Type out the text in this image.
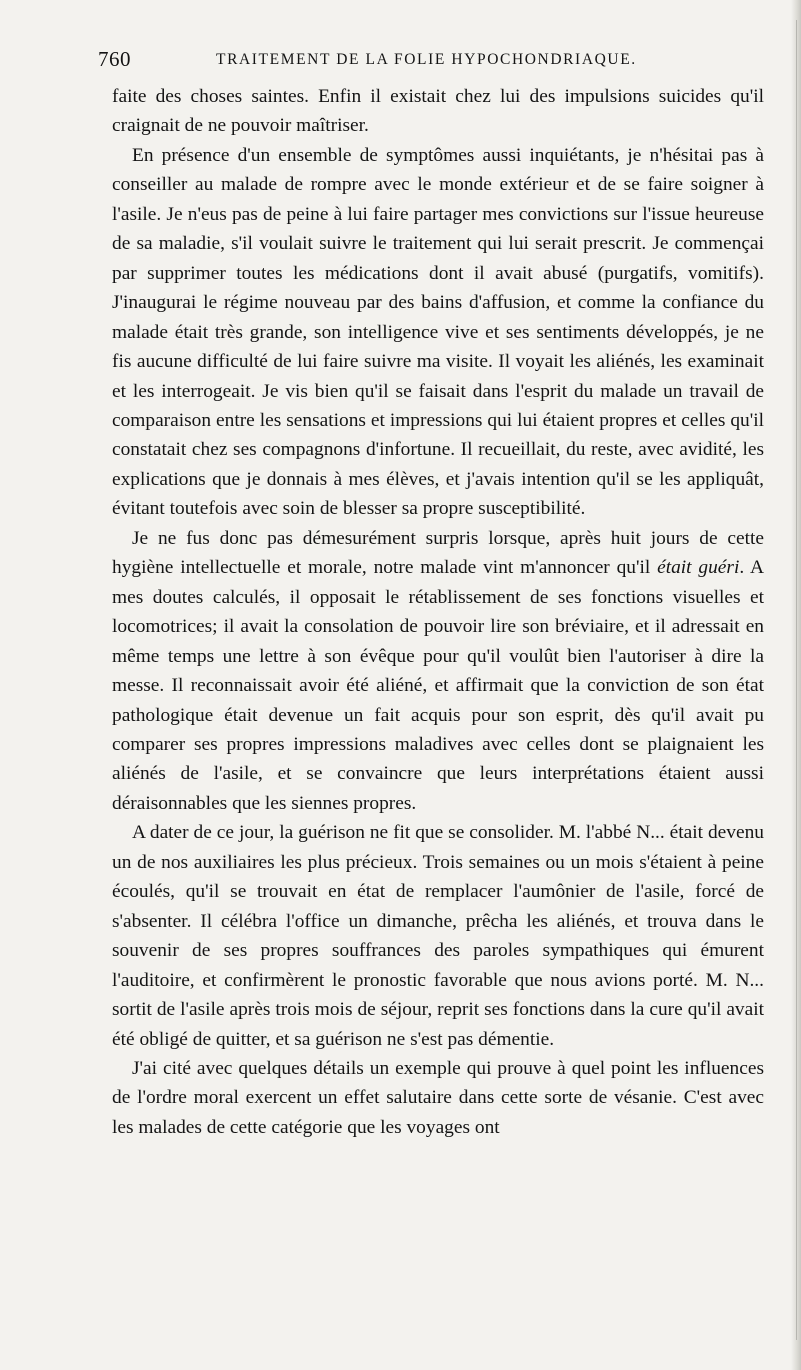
760	TRAITEMENT DE LA FOLIE HYPOCHONDRIAQUE.

faite des choses saintes. Enfin il existait chez lui des impulsions suicides qu'il craignait de ne pouvoir maîtriser.

En présence d'un ensemble de symptômes aussi inquiétants, je n'hésitai pas à conseiller au malade de rompre avec le monde extérieur et de se faire soigner à l'asile. Je n'eus pas de peine à lui faire partager mes convictions sur l'issue heureuse de sa maladie, s'il voulait suivre le traitement qui lui serait prescrit. Je commençai par supprimer toutes les médications dont il avait abusé (purgatifs, vomitifs). J'inaugurai le régime nouveau par des bains d'affusion, et comme la confiance du malade était très grande, son intelligence vive et ses sentiments développés, je ne fis aucune difficulté de lui faire suivre ma visite. Il voyait les aliénés, les examinait et les interrogeait. Je vis bien qu'il se faisait dans l'esprit du malade un travail de comparaison entre les sensations et impressions qui lui étaient propres et celles qu'il constatait chez ses compagnons d'infortune. Il recueillait, du reste, avec avidité, les explications que je donnais à mes élèves, et j'avais intention qu'il se les appliquât, évitant toutefois avec soin de blesser sa propre susceptibilité.

Je ne fus donc pas démesurément surpris lorsque, après huit jours de cette hygiène intellectuelle et morale, notre malade vint m'annoncer qu'il était guéri. A mes doutes calculés, il opposait le rétablissement de ses fonctions visuelles et locomotrices; il avait la consolation de pouvoir lire son bréviaire, et il adressait en même temps une lettre à son évêque pour qu'il voulût bien l'autoriser à dire la messe. Il reconnaissait avoir été aliéné, et affirmait que la conviction de son état pathologique était devenue un fait acquis pour son esprit, dès qu'il avait pu comparer ses propres impressions maladives avec celles dont se plaignaient les aliénés de l'asile, et se convaincre que leurs interprétations étaient aussi déraisonnables que les siennes propres.

A dater de ce jour, la guérison ne fit que se consolider. M. l'abbé N... était devenu un de nos auxiliaires les plus précieux. Trois semaines ou un mois s'étaient à peine écoulés, qu'il se trouvait en état de remplacer l'aumônier de l'asile, forcé de s'absenter. Il célébra l'office un dimanche, prêcha les aliénés, et trouva dans le souvenir de ses propres souffrances des paroles sympathiques qui émurent l'auditoire, et confirmèrent le pronostic favorable que nous avions porté. M. N... sortit de l'asile après trois mois de séjour, reprit ses fonctions dans la cure qu'il avait été obligé de quitter, et sa guérison ne s'est pas démentie.

J'ai cité avec quelques détails un exemple qui prouve à quel point les influences de l'ordre moral exercent un effet salutaire dans cette sorte de vésanie. C'est avec les malades de cette catégorie que les voyages ont
